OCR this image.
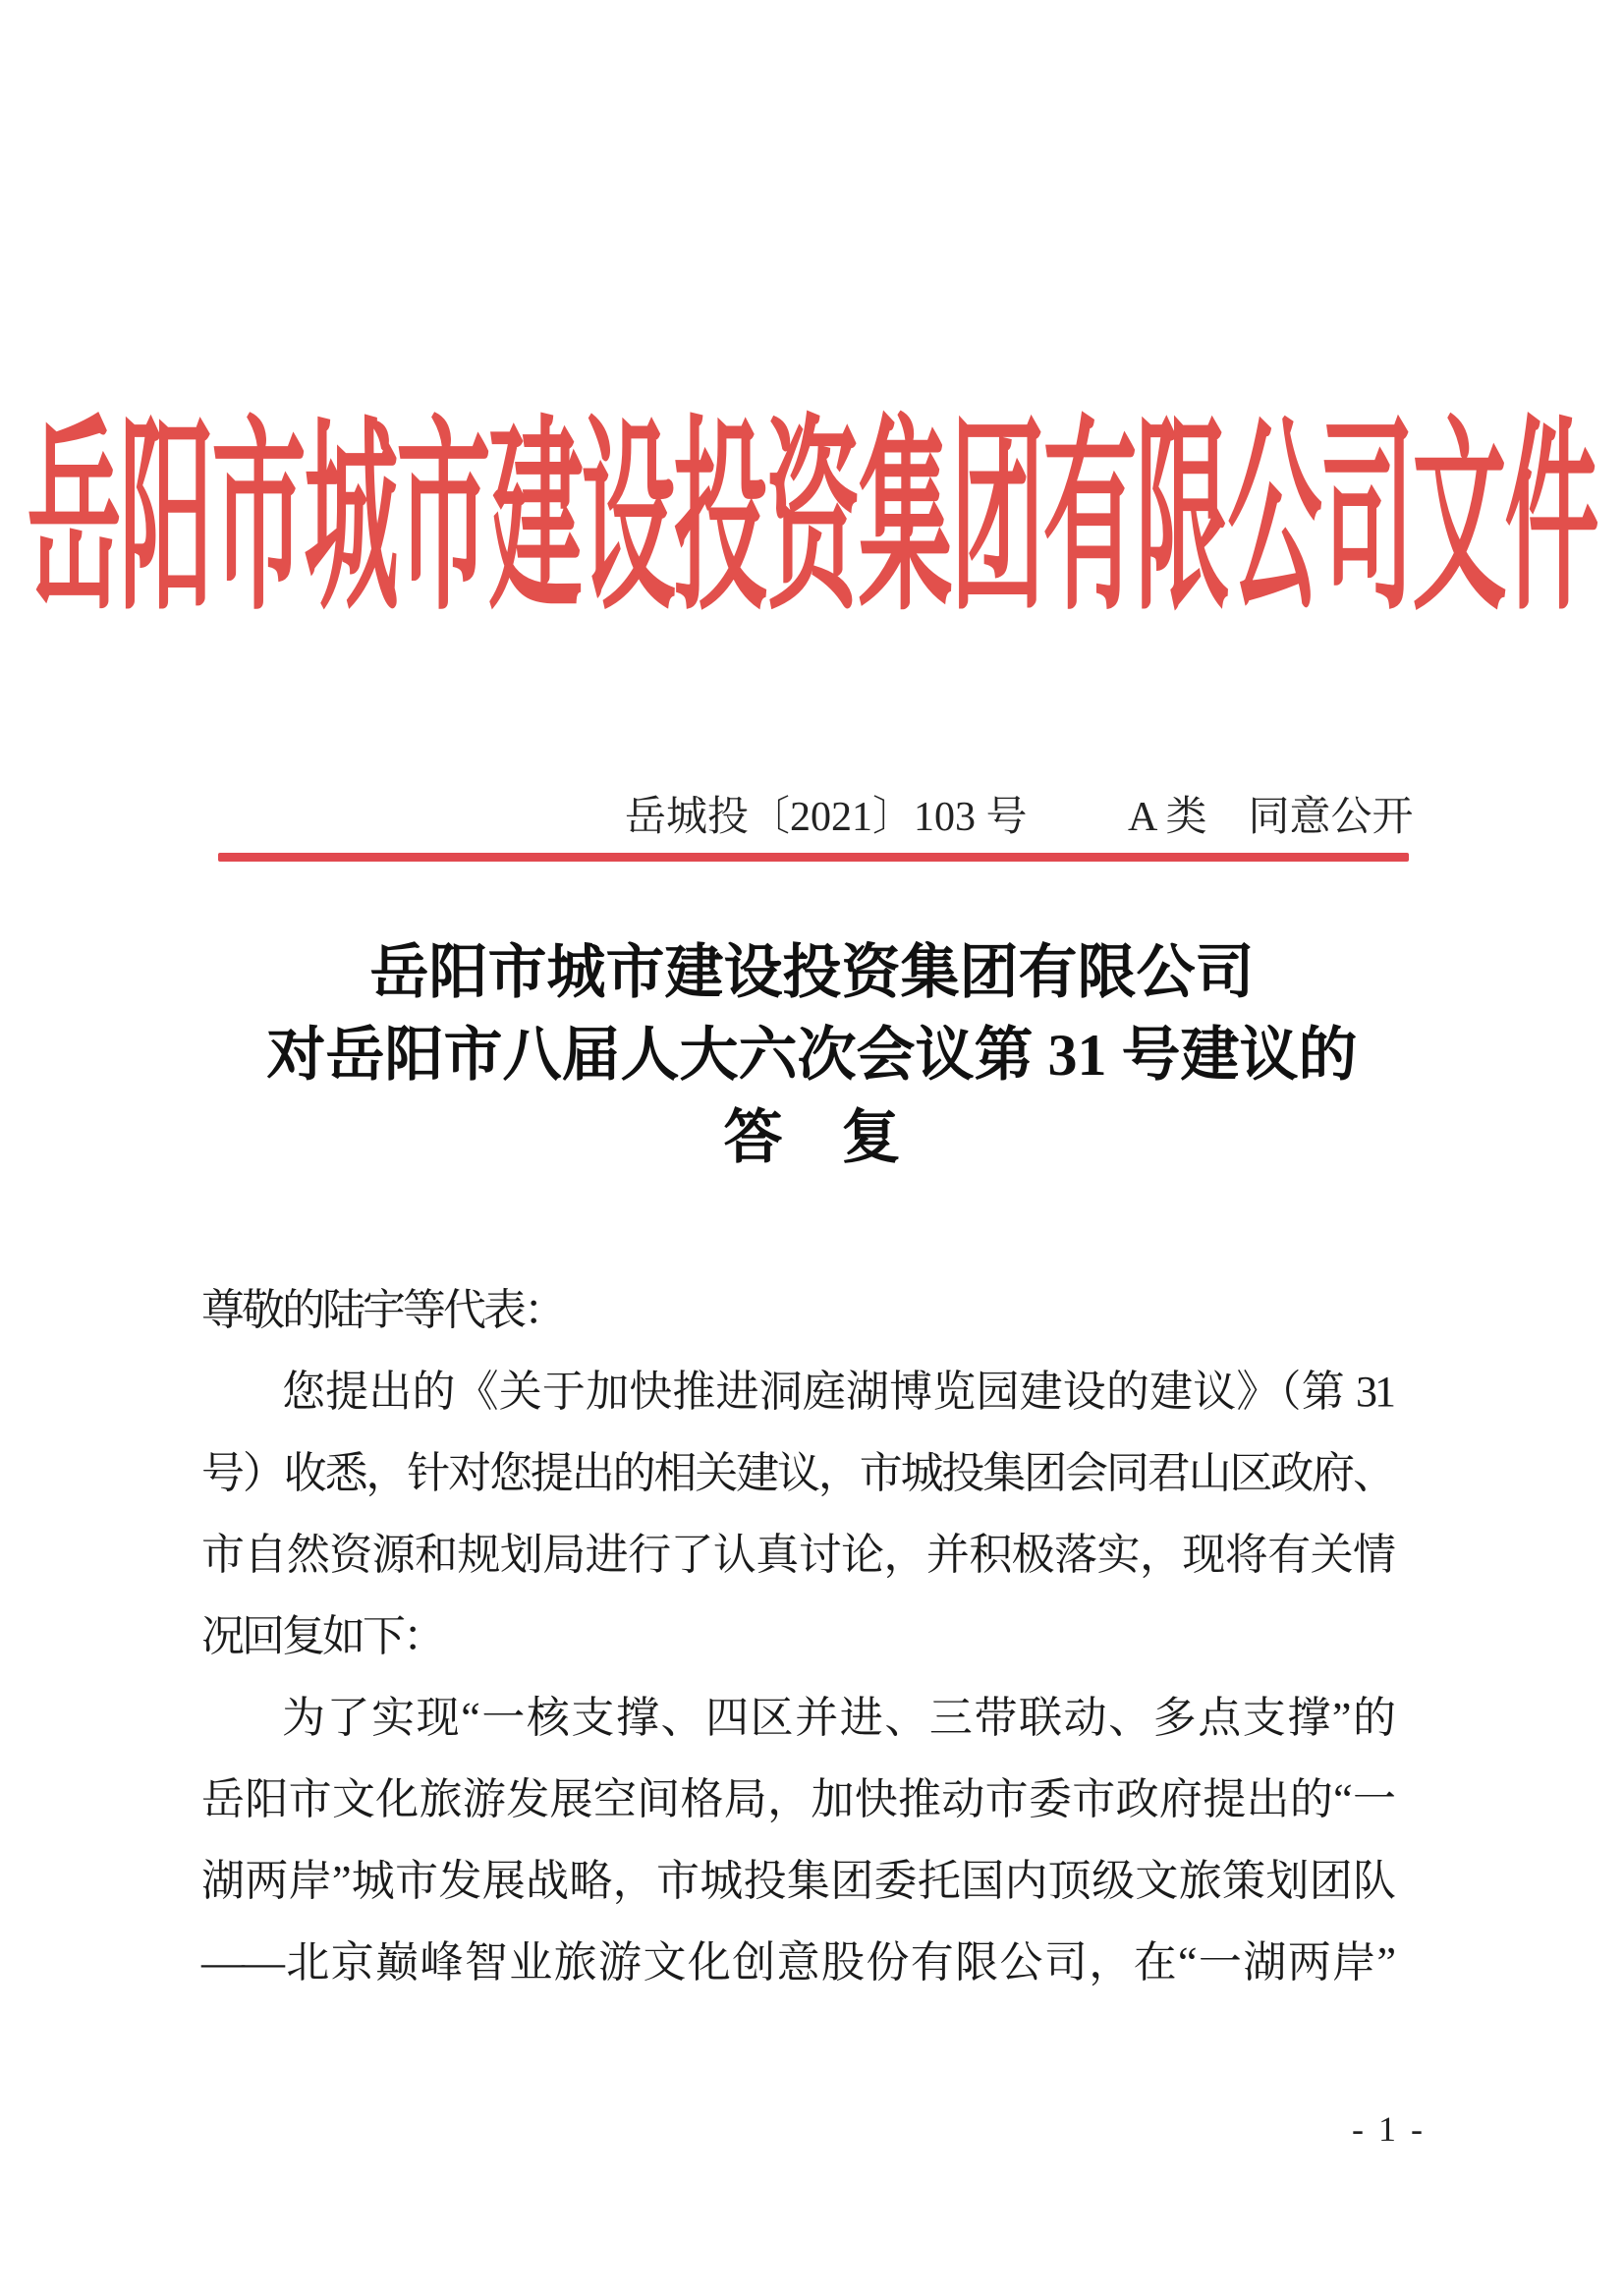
岳阳市城市建设投资集团有限公司文件
岳城投〔2021〕103 号 A 类　同意公开
岳阳市城市建设投资集团有限公司
对岳阳市八届人大六次会议第 31 号建议的
答　复
尊敬的陆宇等代表：
您提出的《关于加快推进洞庭湖博览园建设的建议》（第 31
号）收悉，针对您提出的相关建议，市城投集团会同君山区政府、
市自然资源和规划局进行了认真讨论，并积极落实，现将有关情
况回复如下：
为了实现“一核支撑、四区并进、三带联动、多点支撑”的
岳阳市文化旅游发展空间格局，加快推动市委市政府提出的“一
湖两岸”城市发展战略，市城投集团委托国内顶级文旅策划团队
——北京巅峰智业旅游文化创意股份有限公司，在“一湖两岸”
- 1 -
